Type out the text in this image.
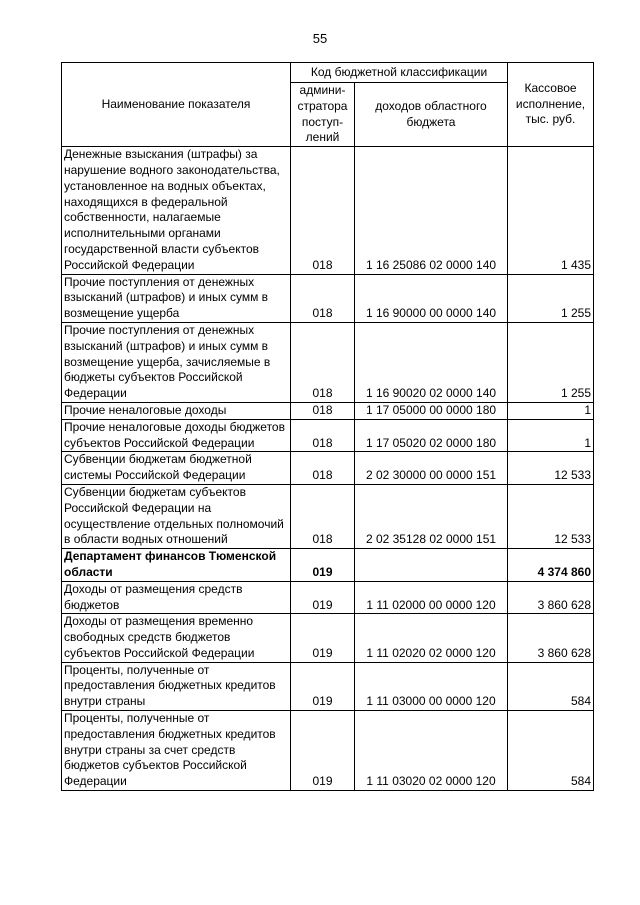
55
Наименование показателя	Код бюджетной классификации		Кассовое исполнение, тыс. руб.
	админи-стратора поступ-лений	доходов областного бюджета	
Денежные взыскания (штрафы) за нарушение водного законодательства, установленное на водных объектах, находящихся в федеральной собственности, налагаемые исполнительными органами государственной власти субъектов Российской Федерации	018	1 16 25086 02 0000 140	1 435
Прочие поступления от денежных взысканий (штрафов) и иных сумм в возмещение ущерба	018	1 16 90000 00 0000 140	1 255
Прочие поступления от денежных взысканий (штрафов) и иных сумм в возмещение ущерба, зачисляемые в бюджеты субъектов Российской Федерации	018	1 16 90020 02 0000 140	1 255
Прочие неналоговые доходы	018	1 17 05000 00 0000 180	1
Прочие неналоговые доходы бюджетов субъектов Российской Федерации	018	1 17 05020 02 0000 180	1
Субвенции бюджетам бюджетной системы Российской Федерации	018	2 02 30000 00 0000 151	12 533
Субвенции бюджетам субъектов Российской Федерации на осуществление отдельных полномочий в области водных отношений	018	2 02 35128 02 0000 151	12 533
Департамент финансов Тюменской области	019		4 374 860
Доходы от размещения средств бюджетов	019	1 11 02000 00 0000 120	3 860 628
Доходы от размещения временно свободных средств бюджетов субъектов Российской Федерации	019	1 11 02020 02 0000 120	3 860 628
Проценты, полученные от предоставления бюджетных кредитов внутри страны	019	1 11 03000 00 0000 120	584
Проценты, полученные от предоставления бюджетных кредитов внутри страны за счет средств бюджетов субъектов Российской Федерации	019	1 11 03020 02 0000 120	584
